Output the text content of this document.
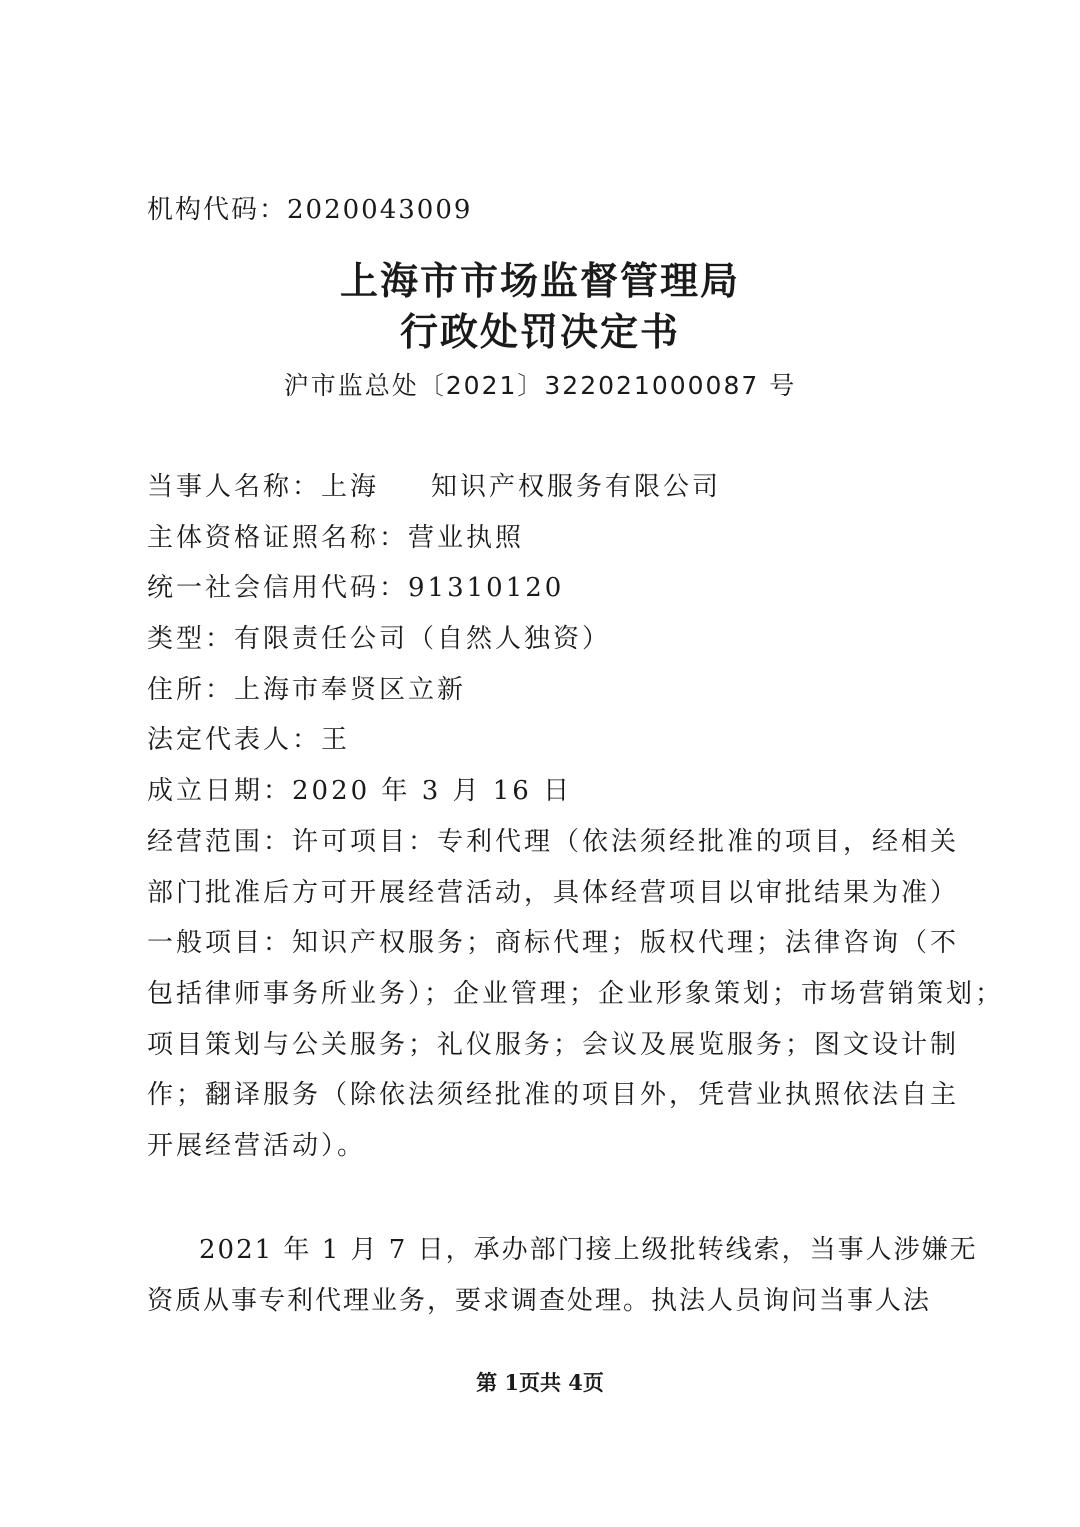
机构代码：2020043009
上海市市场监督管理局
行政处罚决定书
沪市监总处〔2021〕322021000087 号
当事人名称：上海 知识产权服务有限公司
主体资格证照名称：营业执照
统一社会信用代码：91310120
类型：有限责任公司（自然人独资）
住所：上海市奉贤区立新
法定代表人：王
成立日期：2020 年 3 月 16 日
经营范围：许可项目：专利代理（依法须经批准的项目，经相关
部门批准后方可开展经营活动，具体经营项目以审批结果为准）
一般项目：知识产权服务；商标代理；版权代理；法律咨询（不
包括律师事务所业务）；企业管理；企业形象策划；市场营销策划；
项目策划与公关服务；礼仪服务；会议及展览服务；图文设计制
作；翻译服务（除依法须经批准的项目外，凭营业执照依法自主
开展经营活动）。
2021 年 1 月 7 日，承办部门接上级批转线索，当事人涉嫌无
资质从事专利代理业务，要求调查处理。执法人员询问当事人法
第 1页共 4页
